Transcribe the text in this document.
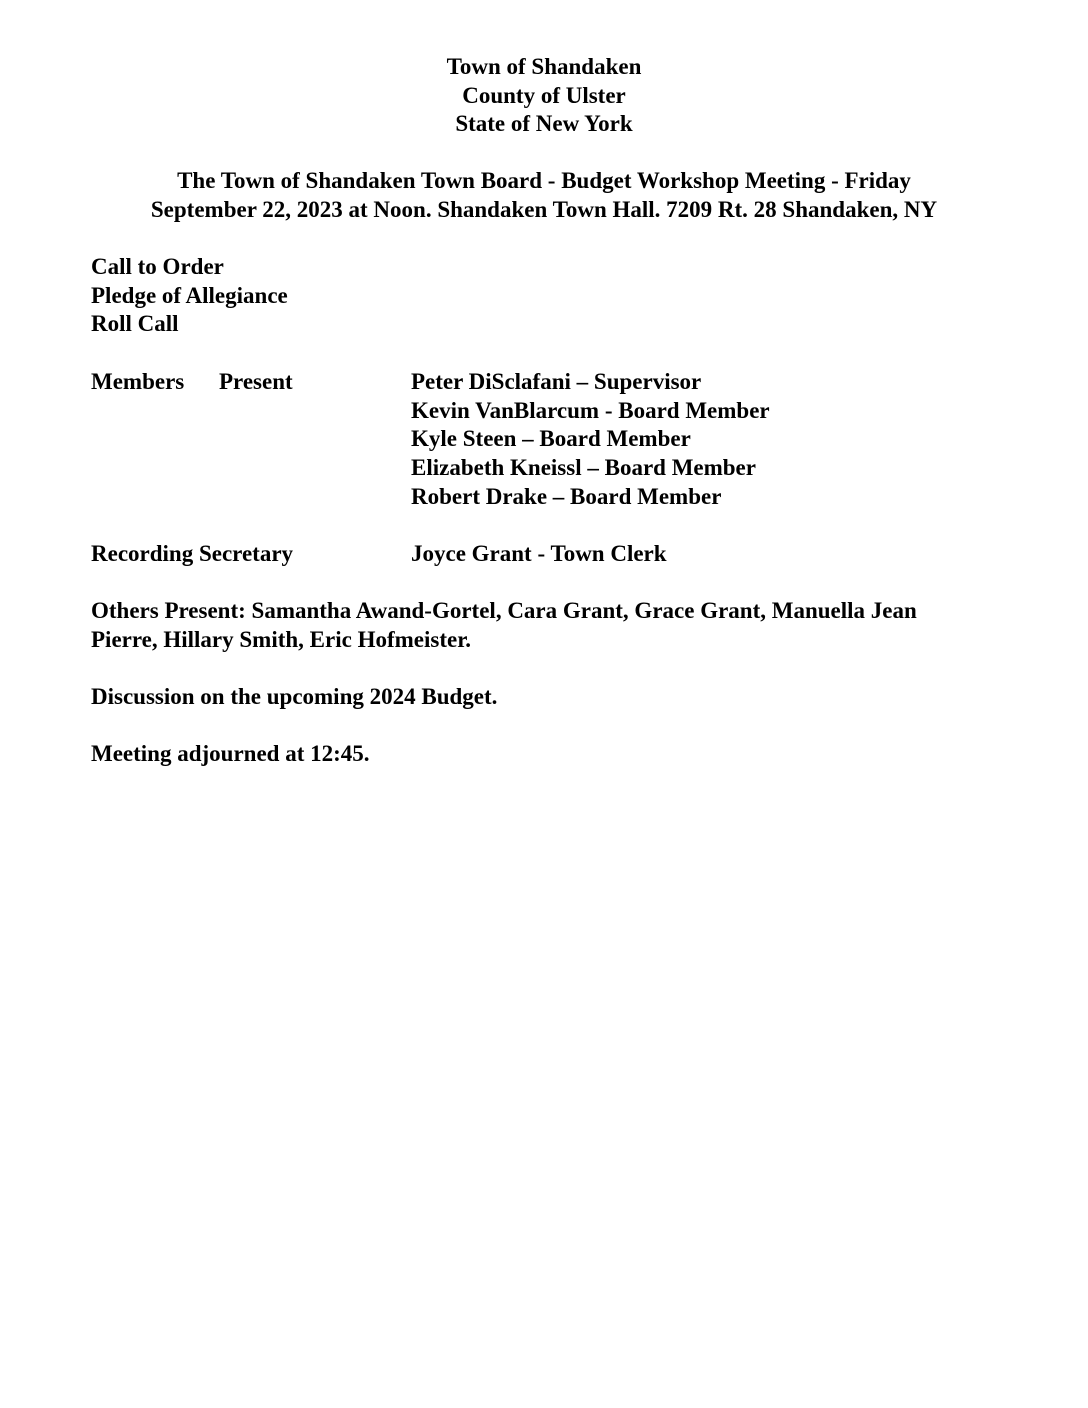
Town of Shandaken
County of Ulster
State of New York
The Town of Shandaken Town Board - Budget Workshop Meeting - Friday
September 22, 2023 at Noon. Shandaken Town Hall. 7209 Rt. 28 Shandaken, NY
Call to Order
Pledge of Allegiance
Roll Call
Members Present	Peter DiSclafani – Supervisor
Kevin VanBlarcum - Board Member
Kyle Steen – Board Member
Elizabeth Kneissl – Board Member
Robert Drake – Board Member
Recording Secretary	Joyce Grant - Town Clerk
Others Present: Samantha Awand-Gortel, Cara Grant, Grace Grant, Manuella Jean
Pierre, Hillary Smith, Eric Hofmeister.
Discussion on the upcoming 2024 Budget.
Meeting adjourned at 12:45.
